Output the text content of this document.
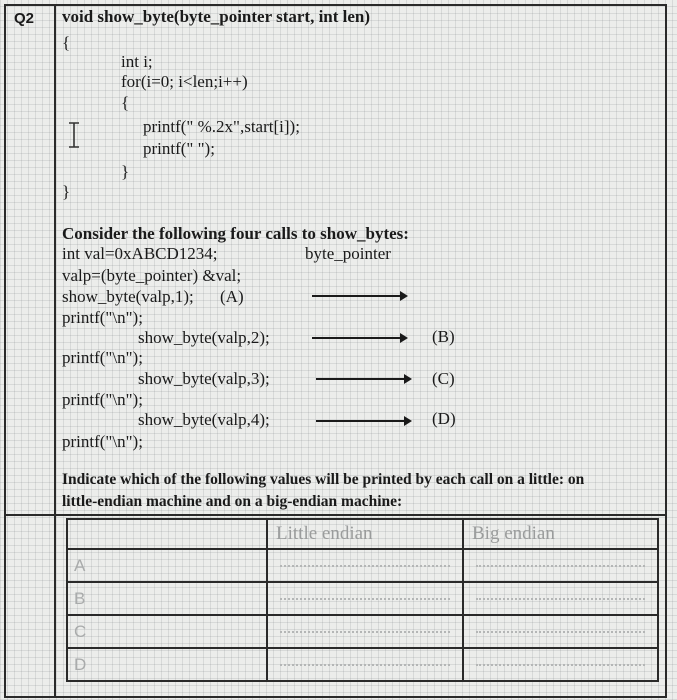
Q2 void show_byte(byte_pointer start, int len)
{
int i;
for(i=0; i<len;i++)
{
printf(" %.2x",start[i]);
printf(" ");
}
}
Consider the following four calls to show_bytes:
int val=0xABCD1234;	byte_pointer
valp=(byte_pointer) &val;
show_byte(valp,1); (A)
printf("\n");
show_byte(valp,2);	(B)
printf("\n");
show_byte(valp,3);	(C)
printf("\n");
show_byte(valp,4);	(D)
printf("\n");
Indicate which of the following values will be printed by each call on a little: on
little-endian machine and on a big-endian machine:
	Little endian	Big endian
A	

B	

C	

D	
